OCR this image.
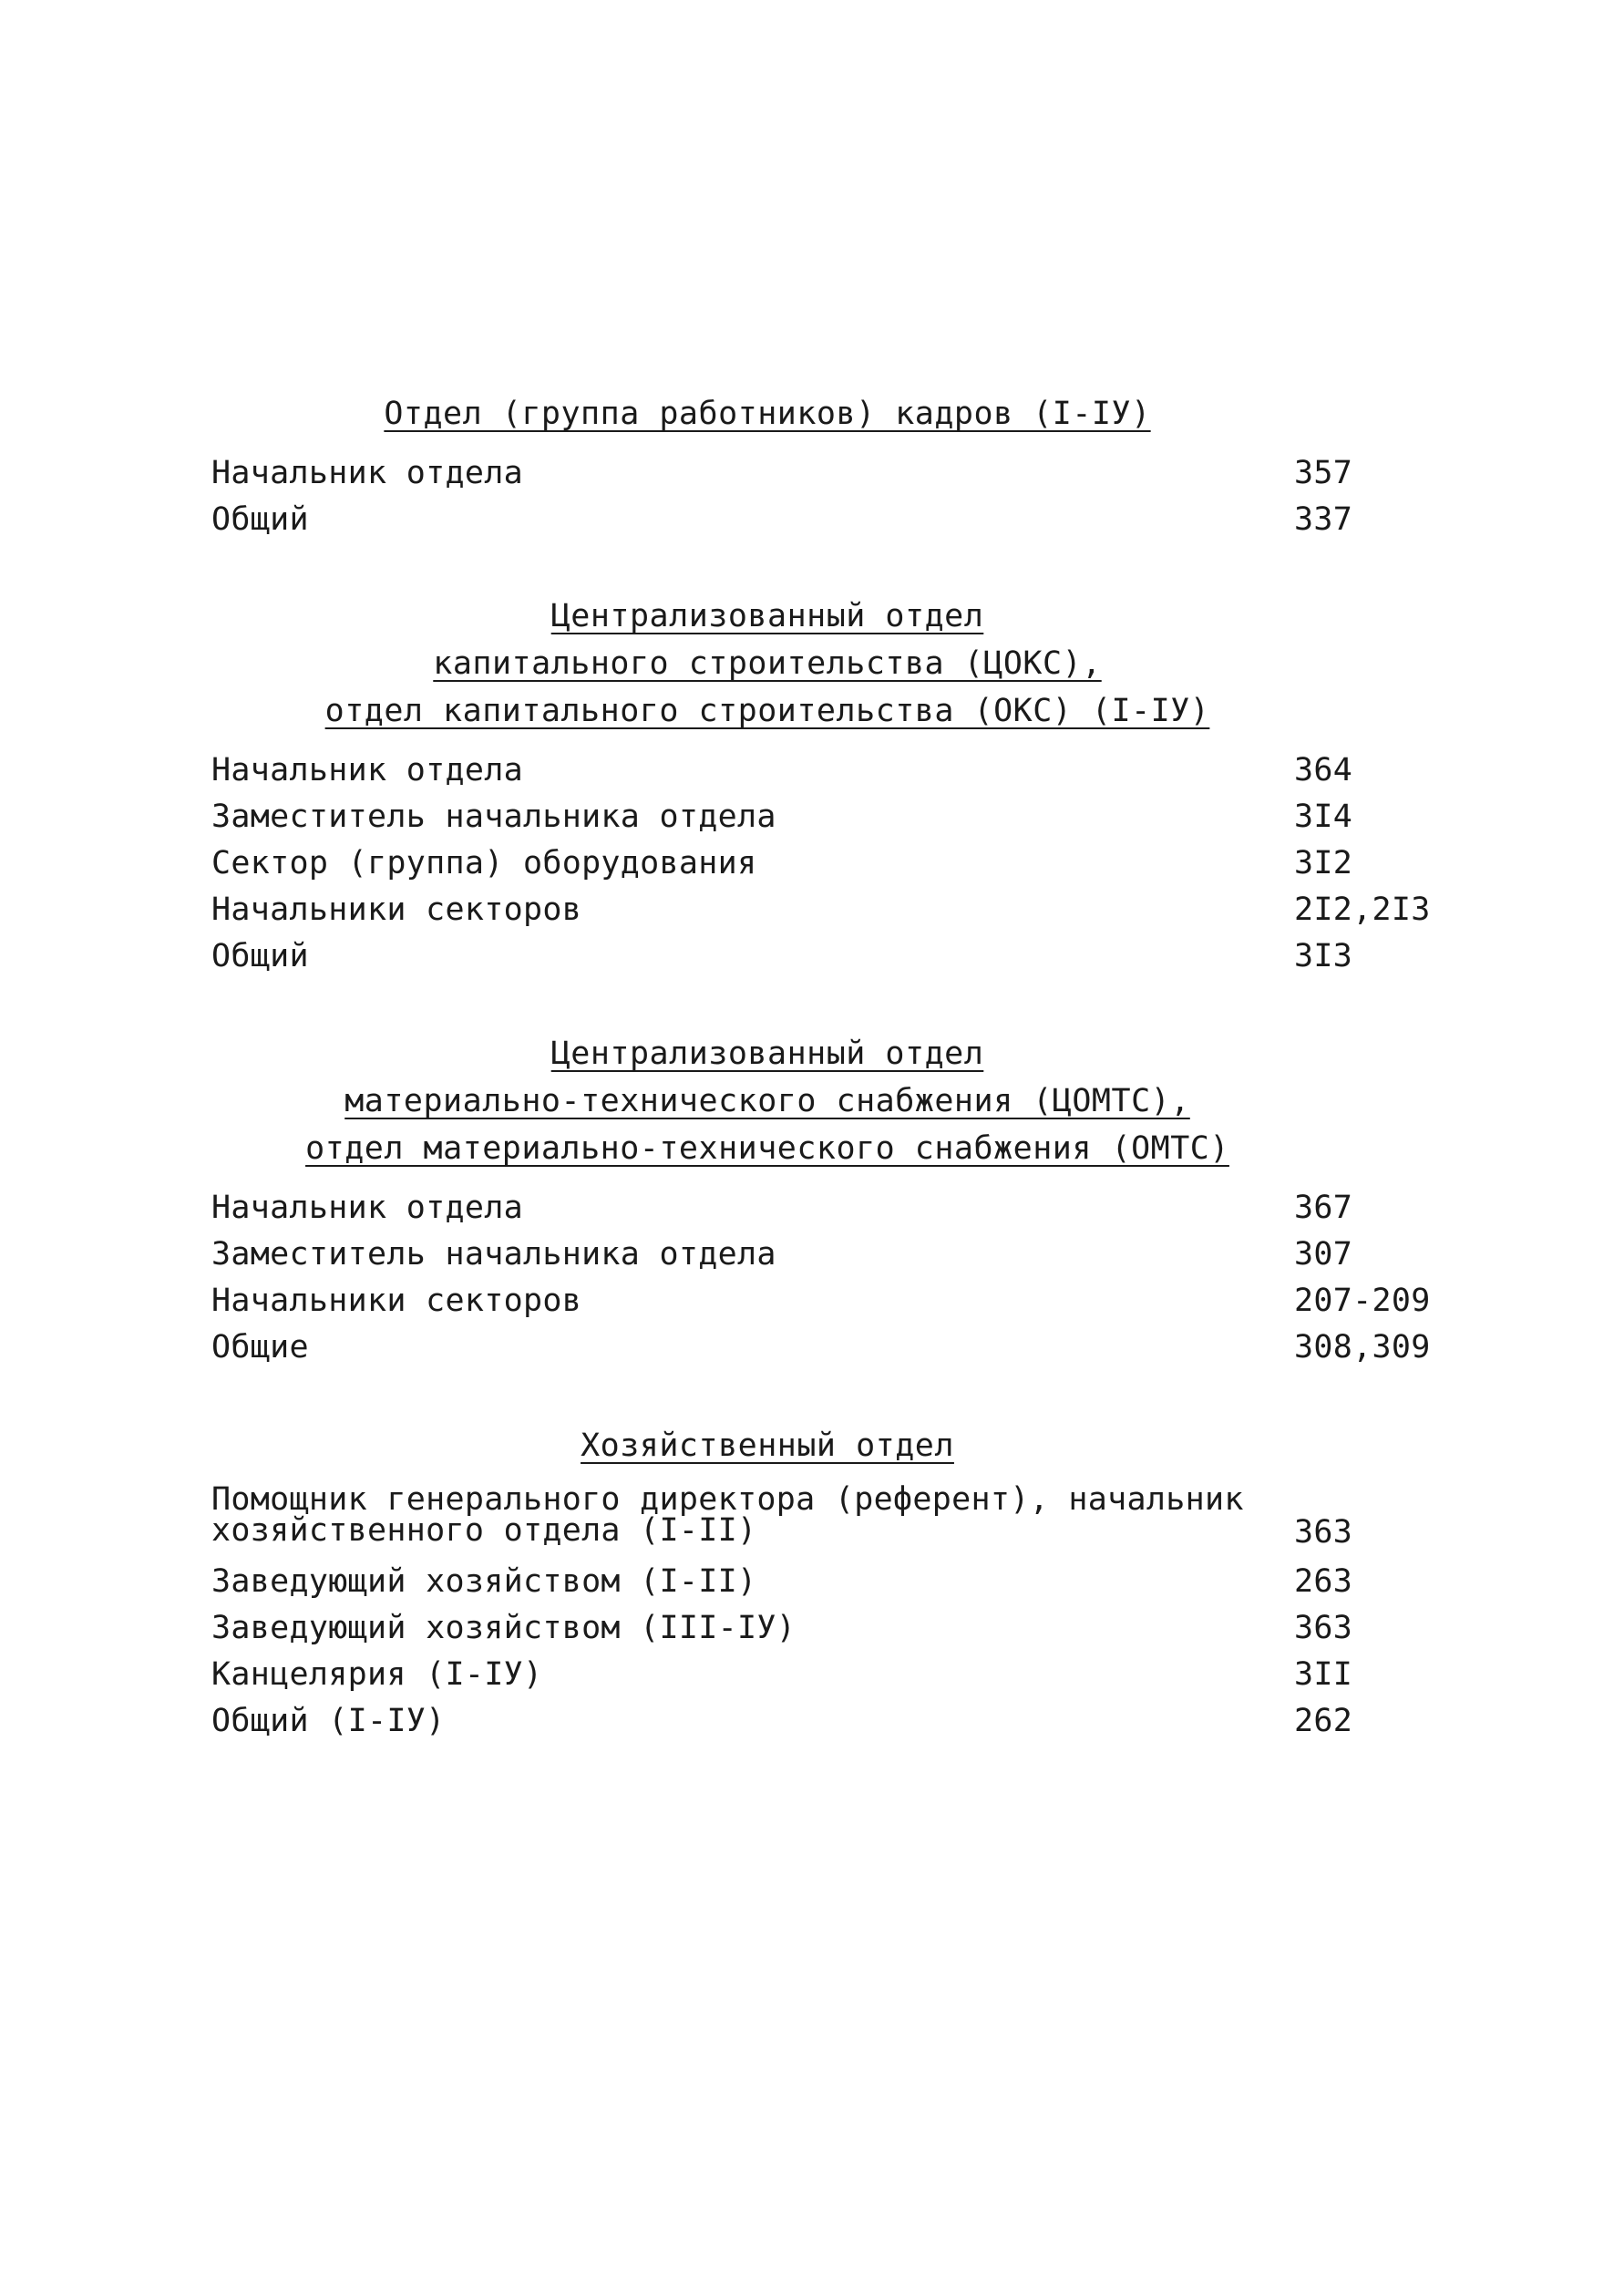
Отдел (группа работников) кадров (I-IУ)
Начальник отдела	357
Общий	337
Централизованный отдел
капитального строительства (ЦОКС),
отдел капитального строительства (ОКС) (I-IУ)
Начальник отдела	364
Заместитель начальника отдела	3I4
Сектор (группа) оборудования	3I2
Начальники секторов	2I2,2I3
Общий	3I3
Централизованный отдел
материально-технического снабжения (ЦОМТС),
отдел материально-технического снабжения (ОМТС)
Начальник отдела	367
Заместитель начальника отдела	307
Начальники секторов	207-209
Общие	308,309
Хозяйственный отдел
Помощник генерального директора (референт), начальник
хозяйственного отдела (I-II)	363
Заведующий хозяйством (I-II)	263
Заведующий хозяйством (III-IУ)	363
Канцелярия (I-IУ)	3II
Общий (I-IУ)	262
